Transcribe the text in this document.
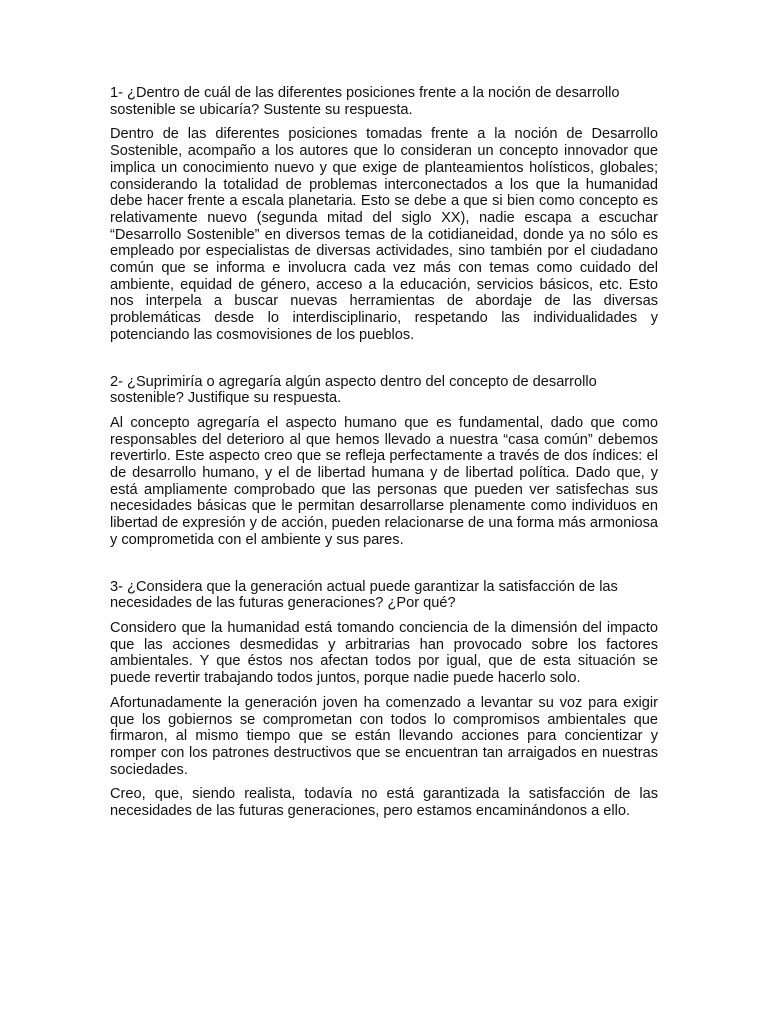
1- ¿Dentro de cuál de las diferentes posiciones frente a la noción de desarrollo sostenible se ubicaría? Sustente su respuesta.

Dentro de las diferentes posiciones tomadas frente a la noción de Desarrollo Sostenible, acompaño a los autores que lo consideran un concepto innovador que implica un conocimiento nuevo y que exige de planteamientos holísticos, globales; considerando la totalidad de problemas interconectados a los que la humanidad debe hacer frente a escala planetaria. Esto se debe a que si bien como concepto es relativamente nuevo (segunda mitad del siglo XX), nadie escapa a escuchar “Desarrollo Sostenible” en diversos temas de la cotidianeidad, donde ya no sólo es empleado por especialistas de diversas actividades, sino también por el ciudadano común que se informa e involucra cada vez más con temas como cuidado del ambiente, equidad de género, acceso a la educación, servicios básicos, etc. Esto nos interpela a buscar nuevas herramientas de abordaje de las diversas problemáticas desde lo interdisciplinario, respetando las individualidades y potenciando las cosmovisiones de los pueblos.

2- ¿Suprimiría o agregaría algún aspecto dentro del concepto de desarrollo sostenible? Justifique su respuesta.

Al concepto agregaría el aspecto humano que es fundamental, dado que como responsables del deterioro al que hemos llevado a nuestra “casa común” debemos revertirlo. Este aspecto creo que se refleja perfectamente a través de dos índices: el de desarrollo humano, y el de libertad humana y de libertad política. Dado que, y está ampliamente comprobado que las personas que pueden ver satisfechas sus necesidades básicas que le permitan desarrollarse plenamente como individuos en libertad de expresión y de acción, pueden relacionarse de una forma más armoniosa y comprometida con el ambiente y sus pares.

3- ¿Considera que la generación actual puede garantizar la satisfacción de las necesidades de las futuras generaciones? ¿Por qué?

Considero que la humanidad está tomando conciencia de la dimensión del impacto que las acciones desmedidas y arbitrarias han provocado sobre los factores ambientales. Y que éstos nos afectan todos por igual, que de esta situación se puede revertir trabajando todos juntos, porque nadie puede hacerlo solo.

Afortunadamente la generación joven ha comenzado a levantar su voz para exigir que los gobiernos se comprometan con todos lo compromisos ambientales que firmaron, al mismo tiempo que se están llevando acciones para concientizar y romper con los patrones destructivos que se encuentran tan arraigados en nuestras sociedades.

Creo, que, siendo realista, todavía no está garantizada la satisfacción de las necesidades de las futuras generaciones, pero estamos encaminándonos a ello.
